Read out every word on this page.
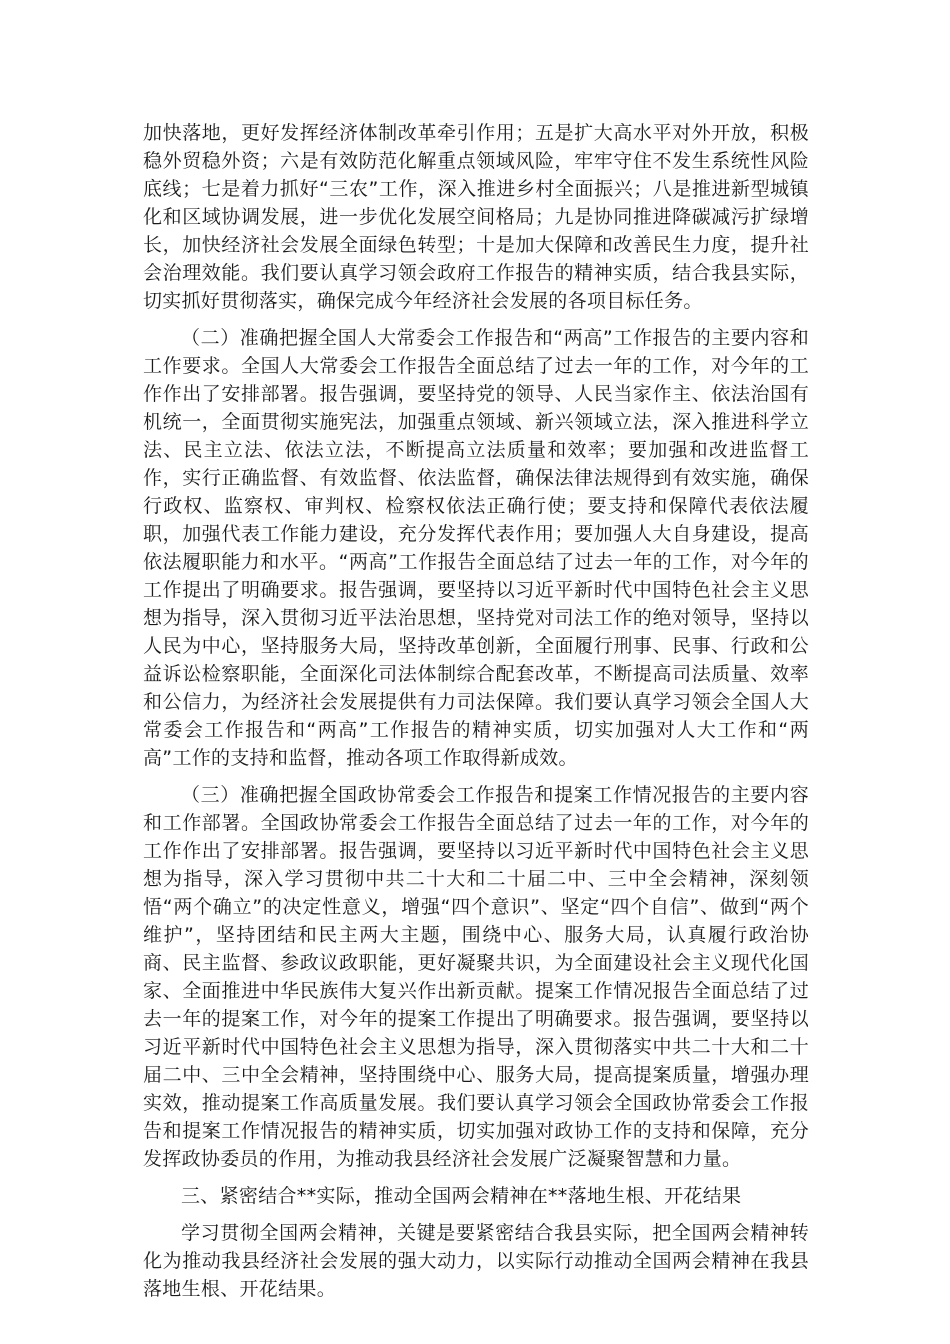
加快落地，更好发挥经济体制改革牵引作用；五是扩大高水平对外开放，积极稳外贸稳外资；六是有效防范化解重点领域风险，牢牢守住不发生系统性风险底线；七是着力抓好“三农”工作，深入推进乡村全面振兴；八是推进新型城镇化和区域协调发展，进一步优化发展空间格局；九是协同推进降碳减污扩绿增长，加快经济社会发展全面绿色转型；十是加大保障和改善民生力度，提升社会治理效能。我们要认真学习领会政府工作报告的精神实质，结合我县实际，切实抓好贯彻落实，确保完成今年经济社会发展的各项目标任务。

（二）准确把握全国人大常委会工作报告和“两高”工作报告的主要内容和工作要求。全国人大常委会工作报告全面总结了过去一年的工作，对今年的工作作出了安排部署。报告强调，要坚持党的领导、人民当家作主、依法治国有机统一，全面贯彻实施宪法，加强重点领域、新兴领域立法，深入推进科学立法、民主立法、依法立法，不断提高立法质量和效率；要加强和改进监督工作，实行正确监督、有效监督、依法监督，确保法律法规得到有效实施，确保行政权、监察权、审判权、检察权依法正确行使；要支持和保障代表依法履职，加强代表工作能力建设，充分发挥代表作用；要加强人大自身建设，提高依法履职能力和水平。“两高”工作报告全面总结了过去一年的工作，对今年的工作提出了明确要求。报告强调，要坚持以习近平新时代中国特色社会主义思想为指导，深入贯彻习近平法治思想，坚持党对司法工作的绝对领导，坚持以人民为中心，坚持服务大局，坚持改革创新，全面履行刑事、民事、行政和公益诉讼检察职能，全面深化司法体制综合配套改革，不断提高司法质量、效率和公信力，为经济社会发展提供有力司法保障。我们要认真学习领会全国人大常委会工作报告和“两高”工作报告的精神实质，切实加强对人大工作和“两高”工作的支持和监督，推动各项工作取得新成效。

（三）准确把握全国政协常委会工作报告和提案工作情况报告的主要内容和工作部署。全国政协常委会工作报告全面总结了过去一年的工作，对今年的工作作出了安排部署。报告强调，要坚持以习近平新时代中国特色社会主义思想为指导，深入学习贯彻中共二十大和二十届二中、三中全会精神，深刻领悟“两个确立”的决定性意义，增强“四个意识”、坚定“四个自信”、做到“两个维护”，坚持团结和民主两大主题，围绕中心、服务大局，认真履行政治协商、民主监督、参政议政职能，更好凝聚共识，为全面建设社会主义现代化国家、全面推进中华民族伟大复兴作出新贡献。提案工作情况报告全面总结了过去一年的提案工作，对今年的提案工作提出了明确要求。报告强调，要坚持以习近平新时代中国特色社会主义思想为指导，深入贯彻落实中共二十大和二十届二中、三中全会精神，坚持围绕中心、服务大局，提高提案质量，增强办理实效，推动提案工作高质量发展。我们要认真学习领会全国政协常委会工作报告和提案工作情况报告的精神实质，切实加强对政协工作的支持和保障，充分发挥政协委员的作用，为推动我县经济社会发展广泛凝聚智慧和力量。

三、紧密结合**实际，推动全国两会精神在**落地生根、开花结果

学习贯彻全国两会精神，关键是要紧密结合我县实际，把全国两会精神转化为推动我县经济社会发展的强大动力，以实际行动推动全国两会精神在我县落地生根、开花结果。
